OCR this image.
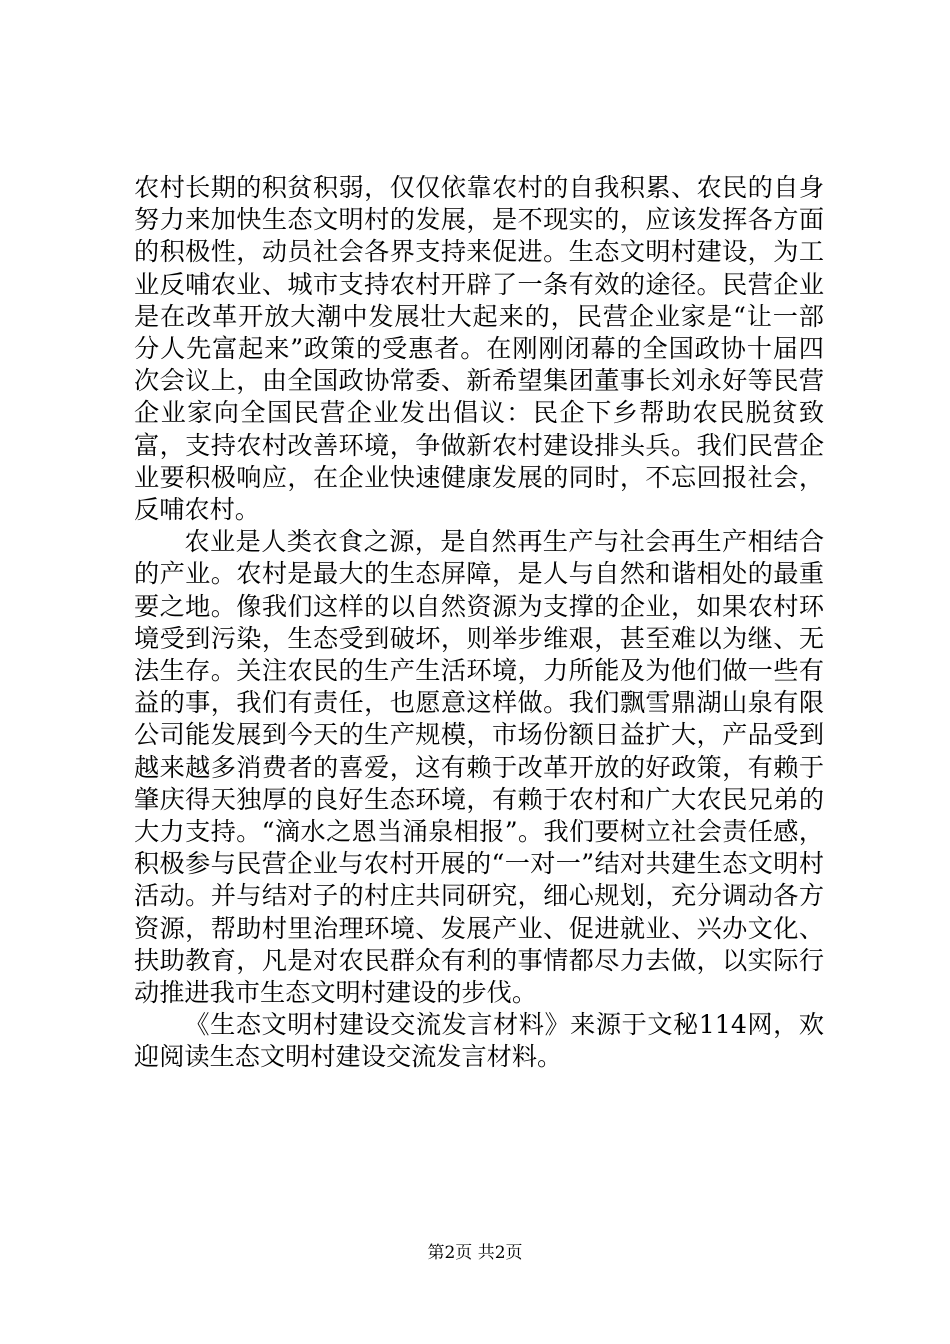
农村长期的积贫积弱，仅仅依靠农村的自我积累、农民的自身努力来加快生态文明村的发展，是不现实的，应该发挥各方面的积极性，动员社会各界支持来促进。生态文明村建设，为工业反哺农业、城市支持农村开辟了一条有效的途径。民营企业是在改革开放大潮中发展壮大起来的，民营企业家是“让一部分人先富起来”政策的受惠者。在刚刚闭幕的全国政协十届四次会议上，由全国政协常委、新希望集团董事长刘永好等民营企业家向全国民营企业发出倡议：民企下乡帮助农民脱贫致富，支持农村改善环境，争做新农村建设排头兵。我们民营企业要积极响应，在企业快速健康发展的同时，不忘回报社会，反哺农村。

农业是人类衣食之源，是自然再生产与社会再生产相结合的产业。农村是最大的生态屏障，是人与自然和谐相处的最重要之地。像我们这样的以自然资源为支撑的企业，如果农村环境受到污染，生态受到破坏，则举步维艰，甚至难以为继、无法生存。关注农民的生产生活环境，力所能及为他们做一些有益的事，我们有责任，也愿意这样做。我们飘雪鼎湖山泉有限公司能发展到今天的生产规模，市场份额日益扩大，产品受到越来越多消费者的喜爱，这有赖于改革开放的好政策，有赖于肇庆得天独厚的良好生态环境，有赖于农村和广大农民兄弟的大力支持。“滴水之恩当涌泉相报”。我们要树立社会责任感，积极参与民营企业与农村开展的“一对一”结对共建生态文明村活动。并与结对子的村庄共同研究，细心规划，充分调动各方资源，帮助村里治理环境、发展产业、促进就业、兴办文化、扶助教育，凡是对农民群众有利的事情都尽力去做，以实际行动推进我市生态文明村建设的步伐。

《生态文明村建设交流发言材料》来源于文秘114网，欢迎阅读生态文明村建设交流发言材料。

第2页 共2页
